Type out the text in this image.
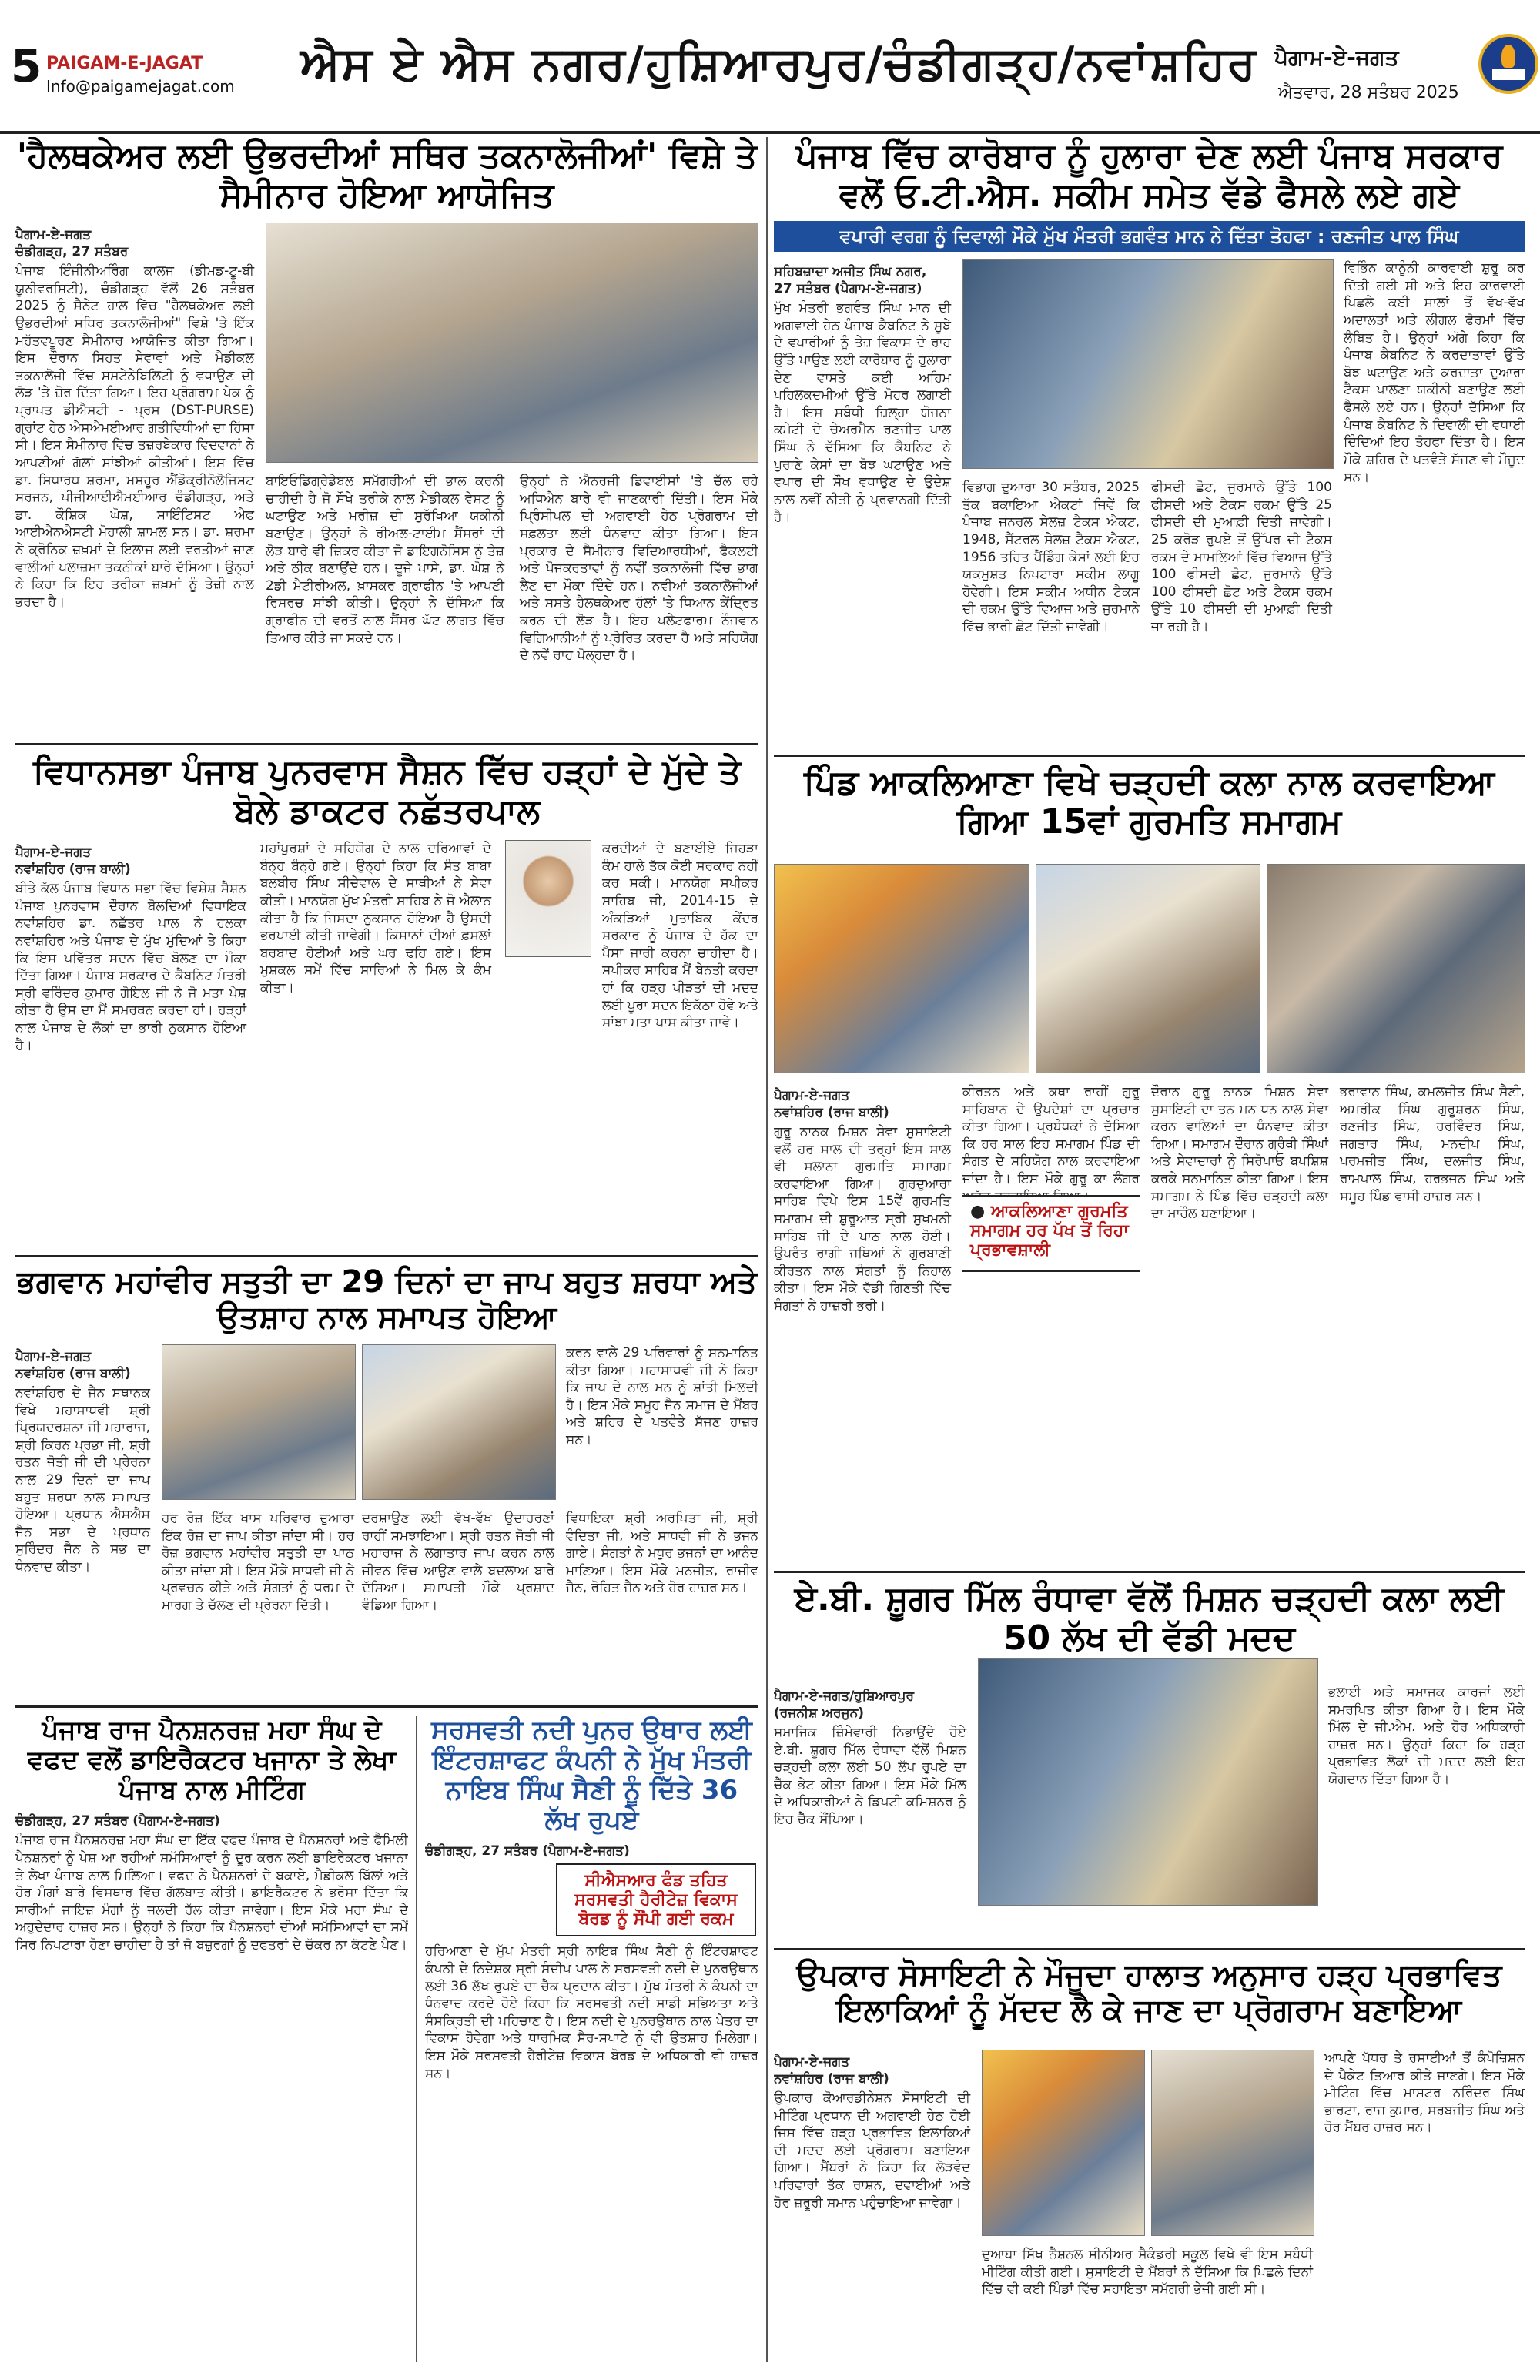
5 PAIGAM-E-JAGAT
Info@paigamejagat.com ਐਸ ਏ ਐਸ ਨਗਰ/ਹੁਸ਼ਿਆਰਪੁਰ/ਚੰਡੀਗੜ੍ਹ/ਨਵਾਂਸ਼ਹਿਰ ਪੈਗਾਮ-ਏ-ਜਗਤ
ਐਤਵਾਰ, 28 ਸਤੰਬਰ 2025
'ਹੈਲਥਕੇਅਰ ਲਈ ਉਭਰਦੀਆਂ ਸਥਿਰ ਤਕਨਾਲੋਜੀਆਂ' ਵਿਸ਼ੇ ਤੇ ਸੈਮੀਨਾਰ ਹੋਇਆ ਆਯੋਜਿਤ
ਪੈਗਾਮ-ਏ-ਜਗਤ
ਚੰਡੀਗੜ੍ਹ, 27 ਸਤੰਬਰ
ਪੰਜਾਬ ਇੰਜੀਨੀਅਰਿੰਗ ਕਾਲਜ (ਡੀਮਡ-ਟੂ-ਬੀ ਯੂਨੀਵਰਸਿਟੀ), ਚੰਡੀਗੜ੍ਹ ਵੱਲੋਂ 26 ਸਤੰਬਰ 2025 ਨੂੰ ਸੈਨੇਟ ਹਾਲ ਵਿੱਚ "ਹੈਲਥਕੇਅਰ ਲਈ ਉਭਰਦੀਆਂ ਸਥਿਰ ਤਕਨਾਲੋਜੀਆਂ" ਵਿਸ਼ੇ 'ਤੇ ਇੱਕ ਮਹੱਤਵਪੂਰਣ ਸੈਮੀਨਾਰ ਆਯੋਜਿਤ ਕੀਤਾ ਗਿਆ। ਇਸ ਦੌਰਾਨ ਸਿਹਤ ਸੇਵਾਵਾਂ ਅਤੇ ਮੈਡੀਕਲ ਤਕਨਾਲੋਜੀ ਵਿੱਚ ਸਸਟੇਨੇਬਿਲਿਟੀ ਨੂੰ ਵਧਾਉਣ ਦੀ ਲੋੜ 'ਤੇ ਜ਼ੋਰ ਦਿੱਤਾ ਗਿਆ। ਇਹ ਪ੍ਰੋਗਰਾਮ ਪੇਕ ਨੂੰ ਪ੍ਰਾਪਤ ਡੀਐਸਟੀ - ਪ੍ਰਸ (DST-PURSE) ਗ੍ਰਾਂਟ ਹੇਠ ਐਸਐਮਈਆਰ ਗਤੀਵਿਧੀਆਂ ਦਾ ਹਿੱਸਾ ਸੀ। ਇਸ ਸੈਮੀਨਾਰ ਵਿੱਚ ਤਜ਼ਰਬੇਕਾਰ ਵਿਦਵਾਨਾਂ ਨੇ ਆਪਣੀਆਂ ਗੱਲਾਂ ਸਾਂਝੀਆਂ ਕੀਤੀਆਂ। ਇਸ ਵਿੱਚ ਡਾ. ਸਿਧਾਰਥ ਸ਼ਰਮਾ, ਮਸ਼ਹੂਰ ਐਂਡੋਕ੍ਰੀਨੋਲੋਜਿਸਟ ਸਰਜਨ, ਪੀਜੀਆਈਐਮਈਆਰ ਚੰਡੀਗੜ੍ਹ, ਅਤੇ ਡਾ. ਕੌਸ਼ਿਕ ਘੋਸ਼, ਸਾਇੰਟਿਸਟ ਐਫ ਆਈਐਨਐਸਟੀ ਮੋਹਾਲੀ ਸ਼ਾਮਲ ਸਨ। ਡਾ. ਸ਼ਰਮਾ ਨੇ ਕ੍ਰੋਨਿਕ ਜ਼ਖ਼ਮਾਂ ਦੇ ਇਲਾਜ ਲਈ ਵਰਤੀਆਂ ਜਾਣ ਵਾਲੀਆਂ ਪਲਾਜ਼ਮਾ ਤਕਨੀਕਾਂ ਬਾਰੇ ਦੱਸਿਆ। ਉਨ੍ਹਾਂ ਨੇ ਕਿਹਾ ਕਿ ਇਹ ਤਰੀਕਾ ਜ਼ਖ਼ਮਾਂ ਨੂੰ ਤੇਜ਼ੀ ਨਾਲ ਭਰਦਾ ਹੈ।
ਬਾਇਓਡਿਗ੍ਰੇਡੇਬਲ ਸਮੱਗਰੀਆਂ ਦੀ ਭਾਲ ਕਰਨੀ ਚਾਹੀਦੀ ਹੈ ਜੋ ਸੌਖੇ ਤਰੀਕੇ ਨਾਲ ਮੈਡੀਕਲ ਵੇਸਟ ਨੂੰ ਘਟਾਉਣ ਅਤੇ ਮਰੀਜ਼ ਦੀ ਸੁਰੱਖਿਆ ਯਕੀਨੀ ਬਣਾਉਣ। ਉਨ੍ਹਾਂ ਨੇ ਰੀਅਲ-ਟਾਈਮ ਸੈਂਸਰਾਂ ਦੀ ਲੋੜ ਬਾਰੇ ਵੀ ਜ਼ਿਕਰ ਕੀਤਾ ਜੋ ਡਾਇਗਨੋਸਿਸ ਨੂੰ ਤੇਜ਼ ਅਤੇ ਠੀਕ ਬਣਾਉਂਦੇ ਹਨ। ਦੂਜੇ ਪਾਸੇ, ਡਾ. ਘੋਸ਼ ਨੇ 2ਡੀ ਮੈਟੀਰੀਅਲ, ਖ਼ਾਸਕਰ ਗ੍ਰਾਫੀਨ 'ਤੇ ਆਪਣੀ ਰਿਸਰਚ ਸਾਂਝੀ ਕੀਤੀ। ਉਨ੍ਹਾਂ ਨੇ ਦੱਸਿਆ ਕਿ ਗ੍ਰਾਫੀਨ ਦੀ ਵਰਤੋਂ ਨਾਲ ਸੈਂਸਰ ਘੱਟ ਲਾਗਤ ਵਿੱਚ ਤਿਆਰ ਕੀਤੇ ਜਾ ਸਕਦੇ ਹਨ।
ਉਨ੍ਹਾਂ ਨੇ ਐਨਰਜੀ ਡਿਵਾਈਸਾਂ 'ਤੇ ਚੱਲ ਰਹੇ ਅਧਿਐਨ ਬਾਰੇ ਵੀ ਜਾਣਕਾਰੀ ਦਿੱਤੀ। ਇਸ ਮੌਕੇ ਪ੍ਰਿੰਸੀਪਲ ਦੀ ਅਗਵਾਈ ਹੇਠ ਪ੍ਰੋਗਰਾਮ ਦੀ ਸਫ਼ਲਤਾ ਲਈ ਧੰਨਵਾਦ ਕੀਤਾ ਗਿਆ। ਇਸ ਪ੍ਰਕਾਰ ਦੇ ਸੈਮੀਨਾਰ ਵਿਦਿਆਰਥੀਆਂ, ਫੈਕਲਟੀ ਅਤੇ ਖੋਜਕਰਤਾਵਾਂ ਨੂੰ ਨਵੀਂ ਤਕਨਾਲੋਜੀ ਵਿੱਚ ਭਾਗ ਲੈਣ ਦਾ ਮੌਕਾ ਦਿੰਦੇ ਹਨ। ਨਵੀਆਂ ਤਕਨਾਲੋਜੀਆਂ ਅਤੇ ਸਸਤੇ ਹੈਲਥਕੇਅਰ ਹੱਲਾਂ 'ਤੇ ਧਿਆਨ ਕੇਂਦ੍ਰਿਤ ਕਰਨ ਦੀ ਲੋੜ ਹੈ। ਇਹ ਪਲੇਟਫਾਰਮ ਨੌਜਵਾਨ ਵਿਗਿਆਨੀਆਂ ਨੂੰ ਪ੍ਰੇਰਿਤ ਕਰਦਾ ਹੈ ਅਤੇ ਸਹਿਯੋਗ ਦੇ ਨਵੇਂ ਰਾਹ ਖੋਲ੍ਹਦਾ ਹੈ।
ਪੰਜਾਬ ਵਿੱਚ ਕਾਰੋਬਾਰ ਨੂੰ ਹੁਲਾਰਾ ਦੇਣ ਲਈ ਪੰਜਾਬ ਸਰਕਾਰ ਵਲੋਂ ਓ.ਟੀ.ਐਸ. ਸਕੀਮ ਸਮੇਤ ਵੱਡੇ ਫੈਸਲੇ ਲਏ ਗਏ
ਵਪਾਰੀ ਵਰਗ ਨੂੰ ਦਿਵਾਲੀ ਮੌਕੇ ਮੁੱਖ ਮੰਤਰੀ ਭਗਵੰਤ ਮਾਨ ਨੇ ਦਿੱਤਾ ਤੋਹਫਾ : ਰਣਜੀਤ ਪਾਲ ਸਿੰਘ
ਸਹਿਬਜ਼ਾਦਾ ਅਜੀਤ ਸਿੰਘ ਨਗਰ,
27 ਸਤੰਬਰ (ਪੈਗਾਮ-ਏ-ਜਗਤ)
ਮੁੱਖ ਮੰਤਰੀ ਭਗਵੰਤ ਸਿੰਘ ਮਾਨ ਦੀ ਅਗਵਾਈ ਹੇਠ ਪੰਜਾਬ ਕੈਬਨਿਟ ਨੇ ਸੂਬੇ ਦੇ ਵਪਾਰੀਆਂ ਨੂੰ ਤੇਜ਼ ਵਿਕਾਸ ਦੇ ਰਾਹ ਉੱਤੇ ਪਾਉਣ ਲਈ ਕਾਰੋਬਾਰ ਨੂੰ ਹੁਲਾਰਾ ਦੇਣ ਵਾਸਤੇ ਕਈ ਅਹਿਮ ਪਹਿਲਕਦਮੀਆਂ ਉੱਤੇ ਮੋਹਰ ਲਗਾਈ ਹੈ। ਇਸ ਸਬੰਧੀ ਜ਼ਿਲ੍ਹਾ ਯੋਜਨਾ ਕਮੇਟੀ ਦੇ ਚੇਅਰਮੈਨ ਰਣਜੀਤ ਪਾਲ ਸਿੰਘ ਨੇ ਦੱਸਿਆ ਕਿ ਕੈਬਨਿਟ ਨੇ ਪੁਰਾਣੇ ਕੇਸਾਂ ਦਾ ਬੋਝ ਘਟਾਉਣ ਅਤੇ ਵਪਾਰ ਦੀ ਸੌਖ ਵਧਾਉਣ ਦੇ ਉਦੇਸ਼ ਨਾਲ ਨਵੀਂ ਨੀਤੀ ਨੂੰ ਪ੍ਰਵਾਨਗੀ ਦਿੱਤੀ ਹੈ।
ਵਿਭਾਗ ਦੁਆਰਾ 30 ਸਤੰਬਰ, 2025 ਤੱਕ ਬਕਾਇਆ ਐਕਟਾਂ ਜਿਵੇਂ ਕਿ ਪੰਜਾਬ ਜਨਰਲ ਸੇਲਜ਼ ਟੈਕਸ ਐਕਟ, 1948, ਸੈਂਟਰਲ ਸੇਲਜ਼ ਟੈਕਸ ਐਕਟ, 1956 ਤਹਿਤ ਪੈਂਡਿੰਗ ਕੇਸਾਂ ਲਈ ਇਹ ਯਕਮੁਸ਼ਤ ਨਿਪਟਾਰਾ ਸਕੀਮ ਲਾਗੂ ਹੋਵੇਗੀ। ਇਸ ਸਕੀਮ ਅਧੀਨ ਟੈਕਸ ਦੀ ਰਕਮ ਉੱਤੇ ਵਿਆਜ ਅਤੇ ਜੁਰਮਾਨੇ ਵਿੱਚ ਭਾਰੀ ਛੋਟ ਦਿੱਤੀ ਜਾਵੇਗੀ।
ਫੀਸਦੀ ਛੋਟ, ਜੁਰਮਾਨੇ ਉੱਤੇ 100 ਫੀਸਦੀ ਅਤੇ ਟੈਕਸ ਰਕਮ ਉੱਤੇ 25 ਫੀਸਦੀ ਦੀ ਮੁਆਫ਼ੀ ਦਿੱਤੀ ਜਾਵੇਗੀ। 25 ਕਰੋੜ ਰੁਪਏ ਤੋਂ ਉੱਪਰ ਦੀ ਟੈਕਸ ਰਕਮ ਦੇ ਮਾਮਲਿਆਂ ਵਿੱਚ ਵਿਆਜ ਉੱਤੇ 100 ਫੀਸਦੀ ਛੋਟ, ਜੁਰਮਾਨੇ ਉੱਤੇ 100 ਫੀਸਦੀ ਛੋਟ ਅਤੇ ਟੈਕਸ ਰਕਮ ਉੱਤੇ 10 ਫੀਸਦੀ ਦੀ ਮੁਆਫ਼ੀ ਦਿੱਤੀ ਜਾ ਰਹੀ ਹੈ।
ਵਿਭਿੰਨ ਕਾਨੂੰਨੀ ਕਾਰਵਾਈ ਸ਼ੁਰੂ ਕਰ ਦਿੱਤੀ ਗਈ ਸੀ ਅਤੇ ਇਹ ਕਾਰਵਾਈ ਪਿਛਲੇ ਕਈ ਸਾਲਾਂ ਤੋਂ ਵੱਖ-ਵੱਖ ਅਦਾਲਤਾਂ ਅਤੇ ਲੀਗਲ ਫੋਰਮਾਂ ਵਿੱਚ ਲੰਬਿਤ ਹੈ। ਉਨ੍ਹਾਂ ਅੱਗੇ ਕਿਹਾ ਕਿ ਪੰਜਾਬ ਕੈਬਨਿਟ ਨੇ ਕਰਦਾਤਾਵਾਂ ਉੱਤੇ ਬੋਝ ਘਟਾਉਣ ਅਤੇ ਕਰਦਾਤਾ ਦੁਆਰਾ ਟੈਕਸ ਪਾਲਣਾ ਯਕੀਨੀ ਬਣਾਉਣ ਲਈ ਫੈਸਲੇ ਲਏ ਹਨ। ਉਨ੍ਹਾਂ ਦੱਸਿਆ ਕਿ ਪੰਜਾਬ ਕੈਬਨਿਟ ਨੇ ਦਿਵਾਲੀ ਦੀ ਵਧਾਈ ਦਿੰਦਿਆਂ ਇਹ ਤੋਹਫਾ ਦਿੱਤਾ ਹੈ। ਇਸ ਮੌਕੇ ਸ਼ਹਿਰ ਦੇ ਪਤਵੰਤੇ ਸੱਜਣ ਵੀ ਮੌਜੂਦ ਸਨ।
ਵਿਧਾਨਸਭਾ ਪੰਜਾਬ ਪੁਨਰਵਾਸ ਸੈਸ਼ਨ ਵਿੱਚ ਹੜ੍ਹਾਂ ਦੇ ਮੁੱਦੇ ਤੇ ਬੋਲੇ ਡਾਕਟਰ ਨਛੱਤਰਪਾਲ
ਪੈਗਾਮ-ਏ-ਜਗਤ
ਨਵਾਂਸ਼ਹਿਰ (ਰਾਜ ਬਾਲੀ)
ਬੀਤੇ ਕੱਲ ਪੰਜਾਬ ਵਿਧਾਨ ਸਭਾ ਵਿੱਚ ਵਿਸ਼ੇਸ਼ ਸੈਸ਼ਨ ਪੰਜਾਬ ਪੁਨਰਵਾਸ ਦੌਰਾਨ ਬੋਲਦਿਆਂ ਵਿਧਾਇਕ ਨਵਾਂਸ਼ਹਿਰ ਡਾ. ਨਛੱਤਰ ਪਾਲ ਨੇ ਹਲਕਾ ਨਵਾਂਸ਼ਹਿਰ ਅਤੇ ਪੰਜਾਬ ਦੇ ਮੁੱਖ ਮੁੱਦਿਆਂ ਤੇ ਕਿਹਾ ਕਿ ਇਸ ਪਵਿੱਤਰ ਸਦਨ ਵਿੱਚ ਬੋਲਣ ਦਾ ਮੌਕਾ ਦਿੱਤਾ ਗਿਆ। ਪੰਜਾਬ ਸਰਕਾਰ ਦੇ ਕੈਬਨਿਟ ਮੰਤਰੀ ਸ੍ਰੀ ਵਰਿੰਦਰ ਕੁਮਾਰ ਗੋਇਲ ਜੀ ਨੇ ਜੋ ਮਤਾ ਪੇਸ਼ ਕੀਤਾ ਹੈ ਉਸ ਦਾ ਮੈਂ ਸਮਰਥਨ ਕਰਦਾ ਹਾਂ। ਹੜ੍ਹਾਂ ਨਾਲ ਪੰਜਾਬ ਦੇ ਲੋਕਾਂ ਦਾ ਭਾਰੀ ਨੁਕਸਾਨ ਹੋਇਆ ਹੈ।
ਮਹਾਂਪੁਰਸ਼ਾਂ ਦੇ ਸਹਿਯੋਗ ਦੇ ਨਾਲ ਦਰਿਆਵਾਂ ਦੇ ਬੰਨ੍ਹ ਬੰਨ੍ਹੇ ਗਏ। ਉਨ੍ਹਾਂ ਕਿਹਾ ਕਿ ਸੰਤ ਬਾਬਾ ਬਲਬੀਰ ਸਿੰਘ ਸੀਚੇਵਾਲ ਦੇ ਸਾਥੀਆਂ ਨੇ ਸੇਵਾ ਕੀਤੀ। ਮਾਨਯੋਗ ਮੁੱਖ ਮੰਤਰੀ ਸਾਹਿਬ ਨੇ ਜੋ ਐਲਾਨ ਕੀਤਾ ਹੈ ਕਿ ਜਿਸਦਾ ਨੁਕਸਾਨ ਹੋਇਆ ਹੈ ਉਸਦੀ ਭਰਪਾਈ ਕੀਤੀ ਜਾਵੇਗੀ। ਕਿਸਾਨਾਂ ਦੀਆਂ ਫ਼ਸਲਾਂ ਬਰਬਾਦ ਹੋਈਆਂ ਅਤੇ ਘਰ ਢਹਿ ਗਏ। ਇਸ ਮੁਸ਼ਕਲ ਸਮੇਂ ਵਿੱਚ ਸਾਰਿਆਂ ਨੇ ਮਿਲ ਕੇ ਕੰਮ ਕੀਤਾ।
ਕਰਦੀਆਂ ਦੇ ਬਣਾਈਏ ਜਿਹੜਾ ਕੰਮ ਹਾਲੇ ਤੱਕ ਕੋਈ ਸਰਕਾਰ ਨਹੀਂ ਕਰ ਸਕੀ। ਮਾਨਯੋਗ ਸਪੀਕਰ ਸਾਹਿਬ ਜੀ, 2014-15 ਦੇ ਅੰਕੜਿਆਂ ਮੁਤਾਬਿਕ ਕੇਂਦਰ ਸਰਕਾਰ ਨੂੰ ਪੰਜਾਬ ਦੇ ਹੱਕ ਦਾ ਪੈਸਾ ਜਾਰੀ ਕਰਨਾ ਚਾਹੀਦਾ ਹੈ। ਸਪੀਕਰ ਸਾਹਿਬ ਮੈਂ ਬੇਨਤੀ ਕਰਦਾ ਹਾਂ ਕਿ ਹੜ੍ਹ ਪੀੜਤਾਂ ਦੀ ਮਦਦ ਲਈ ਪੂਰਾ ਸਦਨ ਇਕੱਠਾ ਹੋਵੇ ਅਤੇ ਸਾਂਝਾ ਮਤਾ ਪਾਸ ਕੀਤਾ ਜਾਵੇ।
ਪਿੰਡ ਆਕਲਿਆਣਾ ਵਿਖੇ ਚੜ੍ਹਦੀ ਕਲਾ ਨਾਲ ਕਰਵਾਇਆ ਗਿਆ 15ਵਾਂ ਗੁਰਮਤਿ ਸਮਾਗਮ
ਪੈਗਾਮ-ਏ-ਜਗਤ
ਨਵਾਂਸ਼ਹਿਰ (ਰਾਜ ਬਾਲੀ)
ਗੁਰੂ ਨਾਨਕ ਮਿਸ਼ਨ ਸੇਵਾ ਸੁਸਾਇਟੀ ਵਲੋਂ ਹਰ ਸਾਲ ਦੀ ਤਰ੍ਹਾਂ ਇਸ ਸਾਲ ਵੀ ਸਲਾਨਾ ਗੁਰਮਤਿ ਸਮਾਗਮ ਕਰਵਾਇਆ ਗਿਆ। ਗੁਰਦੁਆਰਾ ਸਾਹਿਬ ਵਿਖੇ ਇਸ 15ਵੇਂ ਗੁਰਮਤਿ ਸਮਾਗਮ ਦੀ ਸ਼ੁਰੂਆਤ ਸ੍ਰੀ ਸੁਖਮਨੀ ਸਾਹਿਬ ਜੀ ਦੇ ਪਾਠ ਨਾਲ ਹੋਈ। ਉਪਰੰਤ ਰਾਗੀ ਜਥਿਆਂ ਨੇ ਗੁਰਬਾਣੀ ਕੀਰਤਨ ਨਾਲ ਸੰਗਤਾਂ ਨੂੰ ਨਿਹਾਲ ਕੀਤਾ। ਇਸ ਮੌਕੇ ਵੱਡੀ ਗਿਣਤੀ ਵਿੱਚ ਸੰਗਤਾਂ ਨੇ ਹਾਜ਼ਰੀ ਭਰੀ।
ਕੀਰਤਨ ਅਤੇ ਕਥਾ ਰਾਹੀਂ ਗੁਰੂ ਸਾਹਿਬਾਨ ਦੇ ਉਪਦੇਸ਼ਾਂ ਦਾ ਪ੍ਰਚਾਰ ਕੀਤਾ ਗਿਆ। ਪ੍ਰਬੰਧਕਾਂ ਨੇ ਦੱਸਿਆ ਕਿ ਹਰ ਸਾਲ ਇਹ ਸਮਾਗਮ ਪਿੰਡ ਦੀ ਸੰਗਤ ਦੇ ਸਹਿਯੋਗ ਨਾਲ ਕਰਵਾਇਆ ਜਾਂਦਾ ਹੈ। ਇਸ ਮੌਕੇ ਗੁਰੂ ਕਾ ਲੰਗਰ
● ਆਕਲਿਆਣਾ ਗੁਰਮਤਿ ਸਮਾਗਮ ਹਰ ਪੱਖ ਤੋਂ ਰਿਹਾ ਪ੍ਰਭਾਵਸ਼ਾਲੀ
ਦੌਰਾਨ ਗੁਰੂ ਨਾਨਕ ਮਿਸ਼ਨ ਸੇਵਾ ਸੁਸਾਇਟੀ ਦਾ ਤਨ ਮਨ ਧਨ ਨਾਲ ਸੇਵਾ ਕਰਨ ਵਾਲਿਆਂ ਦਾ ਧੰਨਵਾਦ ਕੀਤਾ ਗਿਆ। ਸਮਾਗਮ ਦੌਰਾਨ ਗ੍ਰੰਥੀ ਸਿੰਘਾਂ ਅਤੇ ਸੇਵਾਦਾਰਾਂ ਨੂੰ ਸਿਰੋਪਾਓ ਬਖਸ਼ਿਸ਼ ਕਰਕੇ ਸਨਮਾਨਿਤ ਕੀਤਾ ਗਿਆ। ਇਸ ਸਮਾਗਮ ਨੇ ਪਿੰਡ ਵਿੱਚ ਚੜ੍ਹਦੀ ਕਲਾ ਦਾ ਮਾਹੌਲ ਬਣਾਇਆ।
ਭਰਾਵਾਨ ਸਿੰਘ, ਕਮਲਜੀਤ ਸਿੰਘ ਸੈਣੀ, ਅਮਰੀਕ ਸਿੰਘ ਗੁਰੂਸ਼ਰਨ ਸਿੰਘ, ਰਣਜੀਤ ਸਿੰਘ, ਹਰਵਿੰਦਰ ਸਿੰਘ, ਜਗਤਾਰ ਸਿੰਘ, ਮਨਦੀਪ ਸਿੰਘ, ਪਰਮਜੀਤ ਸਿੰਘ, ਦਲਜੀਤ ਸਿੰਘ, ਰਾਮਪਾਲ ਸਿੰਘ, ਹਰਭਜਨ ਸਿੰਘ ਅਤੇ ਸਮੂਹ ਪਿੰਡ ਵਾਸੀ ਹਾਜ਼ਰ ਸਨ।
ਭਗਵਾਨ ਮਹਾਂਵੀਰ ਸਤੁਤੀ ਦਾ 29 ਦਿਨਾਂ ਦਾ ਜਾਪ ਬਹੁਤ ਸ਼ਰਧਾ ਅਤੇ ਉਤਸ਼ਾਹ ਨਾਲ ਸਮਾਪਤ ਹੋਇਆ
ਪੈਗਾਮ-ਏ-ਜਗਤ
ਨਵਾਂਸ਼ਹਿਰ (ਰਾਜ ਬਾਲੀ)
ਨਵਾਂਸ਼ਹਿਰ ਦੇ ਜੈਨ ਸਥਾਨਕ ਵਿਖੇ ਮਹਾਸਾਧਵੀ ਸ਼੍ਰੀ ਪ੍ਰਿਯਦਰਸ਼ਨਾ ਜੀ ਮਹਾਰਾਜ, ਸ਼੍ਰੀ ਕਿਰਨ ਪ੍ਰਭਾ ਜੀ, ਸ਼੍ਰੀ ਰਤਨ ਜੋਤੀ ਜੀ ਦੀ ਪ੍ਰੇਰਨਾ ਨਾਲ 29 ਦਿਨਾਂ ਦਾ ਜਾਪ ਬਹੁਤ ਸ਼ਰਧਾ ਨਾਲ ਸਮਾਪਤ ਹੋਇਆ। ਪ੍ਰਧਾਨ ਐਸਐਸ ਜੈਨ ਸਭਾ ਦੇ ਪ੍ਰਧਾਨ ਸੁਰਿੰਦਰ ਜੈਨ ਨੇ ਸਭ ਦਾ ਧੰਨਵਾਦ ਕੀਤਾ।
ਹਰ ਰੋਜ਼ ਇੱਕ ਖਾਸ ਪਰਿਵਾਰ ਦੁਆਰਾ ਇੱਕ ਰੋਜ਼ ਦਾ ਜਾਪ ਕੀਤਾ ਜਾਂਦਾ ਸੀ। ਹਰ ਰੋਜ਼ ਭਗਵਾਨ ਮਹਾਂਵੀਰ ਸਤੁਤੀ ਦਾ ਪਾਠ ਕੀਤਾ ਜਾਂਦਾ ਸੀ। ਇਸ ਮੌਕੇ ਸਾਧਵੀ ਜੀ ਨੇ ਪ੍ਰਵਚਨ ਕੀਤੇ ਅਤੇ ਸੰਗਤਾਂ ਨੂੰ ਧਰਮ ਦੇ ਮਾਰਗ ਤੇ ਚੱਲਣ ਦੀ ਪ੍ਰੇਰਨਾ ਦਿੱਤੀ।
ਦਰਸ਼ਾਉਣ ਲਈ ਵੱਖ-ਵੱਖ ਉਦਾਹਰਣਾਂ ਰਾਹੀਂ ਸਮਝਾਇਆ। ਸ਼੍ਰੀ ਰਤਨ ਜੋਤੀ ਜੀ ਮਹਾਰਾਜ ਨੇ ਲਗਾਤਾਰ ਜਾਪ ਕਰਨ ਨਾਲ ਜੀਵਨ ਵਿੱਚ ਆਉਣ ਵਾਲੇ ਬਦਲਾਅ ਬਾਰੇ ਦੱਸਿਆ। ਸਮਾਪਤੀ ਮੌਕੇ ਪ੍ਰਸ਼ਾਦ ਵੰਡਿਆ ਗਿਆ।
ਕਰਨ ਵਾਲੇ 29 ਪਰਿਵਾਰਾਂ ਨੂੰ ਸਨਮਾਨਿਤ ਕੀਤਾ ਗਿਆ। ਮਹਾਸਾਧਵੀ ਜੀ ਨੇ ਕਿਹਾ ਕਿ ਜਾਪ ਦੇ ਨਾਲ ਮਨ ਨੂੰ ਸ਼ਾਂਤੀ ਮਿਲਦੀ ਹੈ। ਇਸ ਮੌਕੇ ਸਮੂਹ ਜੈਨ ਸਮਾਜ ਦੇ ਮੈਂਬਰ ਅਤੇ ਸ਼ਹਿਰ ਦੇ ਪਤਵੰਤੇ ਸੱਜਣ ਹਾਜ਼ਰ ਸਨ।
ਵਿਧਾਇਕਾ ਸ਼੍ਰੀ ਅਰਪਿਤਾ ਜੀ, ਸ਼੍ਰੀ ਵੰਦਿਤਾ ਜੀ, ਅਤੇ ਸਾਧਵੀ ਜੀ ਨੇ ਭਜਨ ਗਾਏ। ਸੰਗਤਾਂ ਨੇ ਮਧੁਰ ਭਜਨਾਂ ਦਾ ਆਨੰਦ ਮਾਣਿਆ। ਇਸ ਮੌਕੇ ਮਨਜੀਤ, ਰਾਜੀਵ ਜੈਨ, ਰੋਹਿਤ ਜੈਨ ਅਤੇ ਹੋਰ ਹਾਜ਼ਰ ਸਨ।	ਏ.ਬੀ. ਸ਼ੂਗਰ ਮਿੱਲ ਰੰਧਾਵਾ ਵੱਲੋਂ ਮਿਸ਼ਨ ਚੜ੍ਹਦੀ ਕਲਾ ਲਈ 50 ਲੱਖ ਦੀ ਵੱਡੀ ਮਦਦ
ਪੈਗਾਮ-ਏ-ਜਗਤ/ਹੁਸ਼ਿਆਰਪੁਰ
(ਰਜਨੀਸ਼ ਅਰਜੁਨ)
ਸਮਾਜਿਕ ਜ਼ਿੰਮੇਵਾਰੀ ਨਿਭਾਉਂਦੇ ਹੋਏ ਏ.ਬੀ. ਸ਼ੂਗਰ ਮਿੱਲ ਰੰਧਾਵਾ ਵੱਲੋਂ ਮਿਸ਼ਨ ਚੜ੍ਹਦੀ ਕਲਾ ਲਈ 50 ਲੱਖ ਰੁਪਏ ਦਾ ਚੈੱਕ ਭੇਟ ਕੀਤਾ ਗਿਆ। ਇਸ ਮੌਕੇ ਮਿੱਲ ਦੇ ਅਧਿਕਾਰੀਆਂ ਨੇ ਡਿਪਟੀ ਕਮਿਸ਼ਨਰ ਨੂੰ ਇਹ ਚੈੱਕ ਸੌਂਪਿਆ।
ਭਲਾਈ ਅਤੇ ਸਮਾਜਕ ਕਾਰਜਾਂ ਲਈ ਸਮਰਪਿਤ ਕੀਤਾ ਗਿਆ ਹੈ। ਇਸ ਮੌਕੇ ਮਿੱਲ ਦੇ ਜੀ.ਐਮ. ਅਤੇ ਹੋਰ ਅਧਿਕਾਰੀ ਹਾਜ਼ਰ ਸਨ। ਉਨ੍ਹਾਂ ਕਿਹਾ ਕਿ ਹੜ੍ਹ ਪ੍ਰਭਾਵਿਤ ਲੋਕਾਂ ਦੀ ਮਦਦ ਲਈ ਇਹ ਯੋਗਦਾਨ ਦਿੱਤਾ ਗਿਆ ਹੈ।
ਪੰਜਾਬ ਰਾਜ ਪੈਨਸ਼ਨਰਜ਼ ਮਹਾ ਸੰਘ ਦੇ ਵਫਦ ਵਲੋਂ ਡਾਇਰੈਕਟਰ ਖਜਾਨਾ ਤੇ ਲੇਖਾ ਪੰਜਾਬ ਨਾਲ ਮੀਟਿੰਗ
ਚੰਡੀਗੜ੍ਹ, 27 ਸਤੰਬਰ (ਪੈਗਾਮ-ਏ-ਜਗਤ)
ਪੰਜਾਬ ਰਾਜ ਪੈਨਸ਼ਨਰਜ਼ ਮਹਾ ਸੰਘ ਦਾ ਇੱਕ ਵਫਦ ਪੰਜਾਬ ਦੇ ਪੈਨਸ਼ਨਰਾਂ ਅਤੇ ਫੈਮਿਲੀ ਪੈਨਸ਼ਨਰਾਂ ਨੂੰ ਪੇਸ਼ ਆ ਰਹੀਆਂ ਸਮੱਸਿਆਵਾਂ ਨੂੰ ਦੂਰ ਕਰਨ ਲਈ ਡਾਇਰੈਕਟਰ ਖਜਾਨਾ ਤੇ ਲੇਖਾ ਪੰਜਾਬ ਨਾਲ ਮਿਲਿਆ। ਵਫਦ ਨੇ ਪੈਨਸ਼ਨਰਾਂ ਦੇ ਬਕਾਏ, ਮੈਡੀਕਲ ਬਿੱਲਾਂ ਅਤੇ ਹੋਰ ਮੰਗਾਂ ਬਾਰੇ ਵਿਸਥਾਰ ਵਿੱਚ ਗੱਲਬਾਤ ਕੀਤੀ। ਡਾਇਰੈਕਟਰ ਨੇ ਭਰੋਸਾ ਦਿੱਤਾ ਕਿ ਸਾਰੀਆਂ ਜਾਇਜ਼ ਮੰਗਾਂ ਨੂੰ ਜਲਦੀ ਹੱਲ ਕੀਤਾ ਜਾਵੇਗਾ। ਇਸ ਮੌਕੇ ਮਹਾ ਸੰਘ ਦੇ ਅਹੁਦੇਦਾਰ ਹਾਜ਼ਰ ਸਨ। ਉਨ੍ਹਾਂ ਨੇ ਕਿਹਾ ਕਿ ਪੈਨਸ਼ਨਰਾਂ ਦੀਆਂ ਸਮੱਸਿਆਵਾਂ ਦਾ ਸਮੇਂ ਸਿਰ ਨਿਪਟਾਰਾ ਹੋਣਾ ਚਾਹੀਦਾ ਹੈ ਤਾਂ ਜੋ ਬਜ਼ੁਰਗਾਂ ਨੂੰ ਦਫਤਰਾਂ ਦੇ ਚੱਕਰ ਨਾ ਕੱਟਣੇ ਪੈਣ।
ਸਰਸਵਤੀ ਨਦੀ ਪੁਨਰ ਉਥਾਰ ਲਈ ਇੰਟਰਸ਼ਾਫਟ ਕੰਪਨੀ ਨੇ ਮੁੱਖ ਮੰਤਰੀ ਨਾਇਬ ਸਿੰਘ ਸੈਣੀ ਨੂੰ ਦਿੱਤੇ 36 ਲੱਖ ਰੁਪਏ
ਚੰਡੀਗੜ੍ਹ, 27 ਸਤੰਬਰ (ਪੈਗਾਮ-ਏ-ਜਗਤ)
ਸੀਐਸਆਰ ਫੰਡ ਤਹਿਤ ਸਰਸਵਤੀ ਹੈਰੀਟੇਜ਼ ਵਿਕਾਸ ਬੋਰਡ ਨੂੰ ਸੌਂਪੀ ਗਈ ਰਕਮ
ਹਰਿਆਣਾ ਦੇ ਮੁੱਖ ਮੰਤਰੀ ਸ੍ਰੀ ਨਾਇਬ ਸਿੰਘ ਸੈਣੀ ਨੂੰ ਇੰਟਰਸ਼ਾਫਟ ਕੰਪਨੀ ਦੇ ਨਿਦੇਸ਼ਕ ਸ੍ਰੀ ਸੰਦੀਪ ਪਾਲ ਨੇ ਸਰਸਵਤੀ ਨਦੀ ਦੇ ਪੁਨਰਉਥਾਨ ਲਈ 36 ਲੱਖ ਰੁਪਏ ਦਾ ਚੈੱਕ ਪ੍ਰਦਾਨ ਕੀਤਾ। ਮੁੱਖ ਮੰਤਰੀ ਨੇ ਕੰਪਨੀ ਦਾ ਧੰਨਵਾਦ ਕਰਦੇ ਹੋਏ ਕਿਹਾ ਕਿ ਸਰਸਵਤੀ ਨਦੀ ਸਾਡੀ ਸਭਿਅਤਾ ਅਤੇ ਸੰਸਕ੍ਰਿਤੀ ਦੀ ਪਹਿਚਾਣ ਹੈ। ਇਸ ਨਦੀ ਦੇ ਪੁਨਰਉਥਾਨ ਨਾਲ ਖੇਤਰ ਦਾ ਵਿਕਾਸ ਹੋਵੇਗਾ ਅਤੇ ਧਾਰਮਿਕ ਸੈਰ-ਸਪਾਟੇ ਨੂੰ ਵੀ ਉਤਸ਼ਾਹ ਮਿਲੇਗਾ। ਇਸ ਮੌਕੇ ਸਰਸਵਤੀ ਹੈਰੀਟੇਜ਼ ਵਿਕਾਸ ਬੋਰਡ ਦੇ ਅਧਿਕਾਰੀ ਵੀ ਹਾਜ਼ਰ ਸਨ।
ਉਪਕਾਰ ਸੋਸਾਇਟੀ ਨੇ ਮੌਜੂਦਾ ਹਾਲਾਤ ਅਨੁਸਾਰ ਹੜ੍ਹ ਪ੍ਰਭਾਵਿਤ ਇਲਾਕਿਆਂ ਨੂੰ ਮੱਦਦ ਲੈ ਕੇ ਜਾਣ ਦਾ ਪ੍ਰੋਗਰਾਮ ਬਣਾਇਆ
ਪੈਗਾਮ-ਏ-ਜਗਤ
ਨਵਾਂਸ਼ਹਿਰ (ਰਾਜ ਬਾਲੀ)
ਉਪਕਾਰ ਕੋਆਰਡੀਨੇਸ਼ਨ ਸੋਸਾਇਟੀ ਦੀ ਮੀਟਿੰਗ ਪ੍ਰਧਾਨ ਦੀ ਅਗਵਾਈ ਹੇਠ ਹੋਈ ਜਿਸ ਵਿੱਚ ਹੜ੍ਹ ਪ੍ਰਭਾਵਿਤ ਇਲਾਕਿਆਂ ਦੀ ਮਦਦ ਲਈ ਪ੍ਰੋਗਰਾਮ ਬਣਾਇਆ ਗਿਆ। ਮੈਂਬਰਾਂ ਨੇ ਕਿਹਾ ਕਿ ਲੋੜਵੰਦ ਪਰਿਵਾਰਾਂ ਤੱਕ ਰਾਸ਼ਨ, ਦਵਾਈਆਂ ਅਤੇ ਹੋਰ ਜ਼ਰੂਰੀ ਸਮਾਨ ਪਹੁੰਚਾਇਆ ਜਾਵੇਗਾ।
ਦੁਆਬਾ ਸਿੱਖ ਨੈਸ਼ਨਲ ਸੀਨੀਅਰ ਸੈਕੰਡਰੀ ਸਕੂਲ ਵਿਖੇ ਵੀ ਇਸ ਸਬੰਧੀ ਮੀਟਿੰਗ ਕੀਤੀ ਗਈ। ਸੁਸਾਇਟੀ ਦੇ ਮੈਂਬਰਾਂ ਨੇ ਦੱਸਿਆ ਕਿ ਪਿਛਲੇ ਦਿਨਾਂ ਵਿੱਚ ਵੀ ਕਈ ਪਿੰਡਾਂ ਵਿੱਚ ਸਹਾਇਤਾ ਸਮੱਗਰੀ ਭੇਜੀ ਗਈ ਸੀ।
ਆਪਣੇ ਪੱਧਰ ਤੇ ਰਸਾਈਆਂ ਤੋਂ ਕੰਪੋਜ਼ਿਸ਼ਨ ਦੇ ਪੈਕੇਟ ਤਿਆਰ ਕੀਤੇ ਜਾਣਗੇ। ਇਸ ਮੌਕੇ ਮੀਟਿੰਗ ਵਿੱਚ ਮਾਸਟਰ ਨਰਿੰਦਰ ਸਿੰਘ ਭਾਰਟਾ, ਰਾਜ ਕੁਮਾਰ, ਸਰਬਜੀਤ ਸਿੰਘ ਅਤੇ ਹੋਰ ਮੈਂਬਰ ਹਾਜ਼ਰ ਸਨ।
